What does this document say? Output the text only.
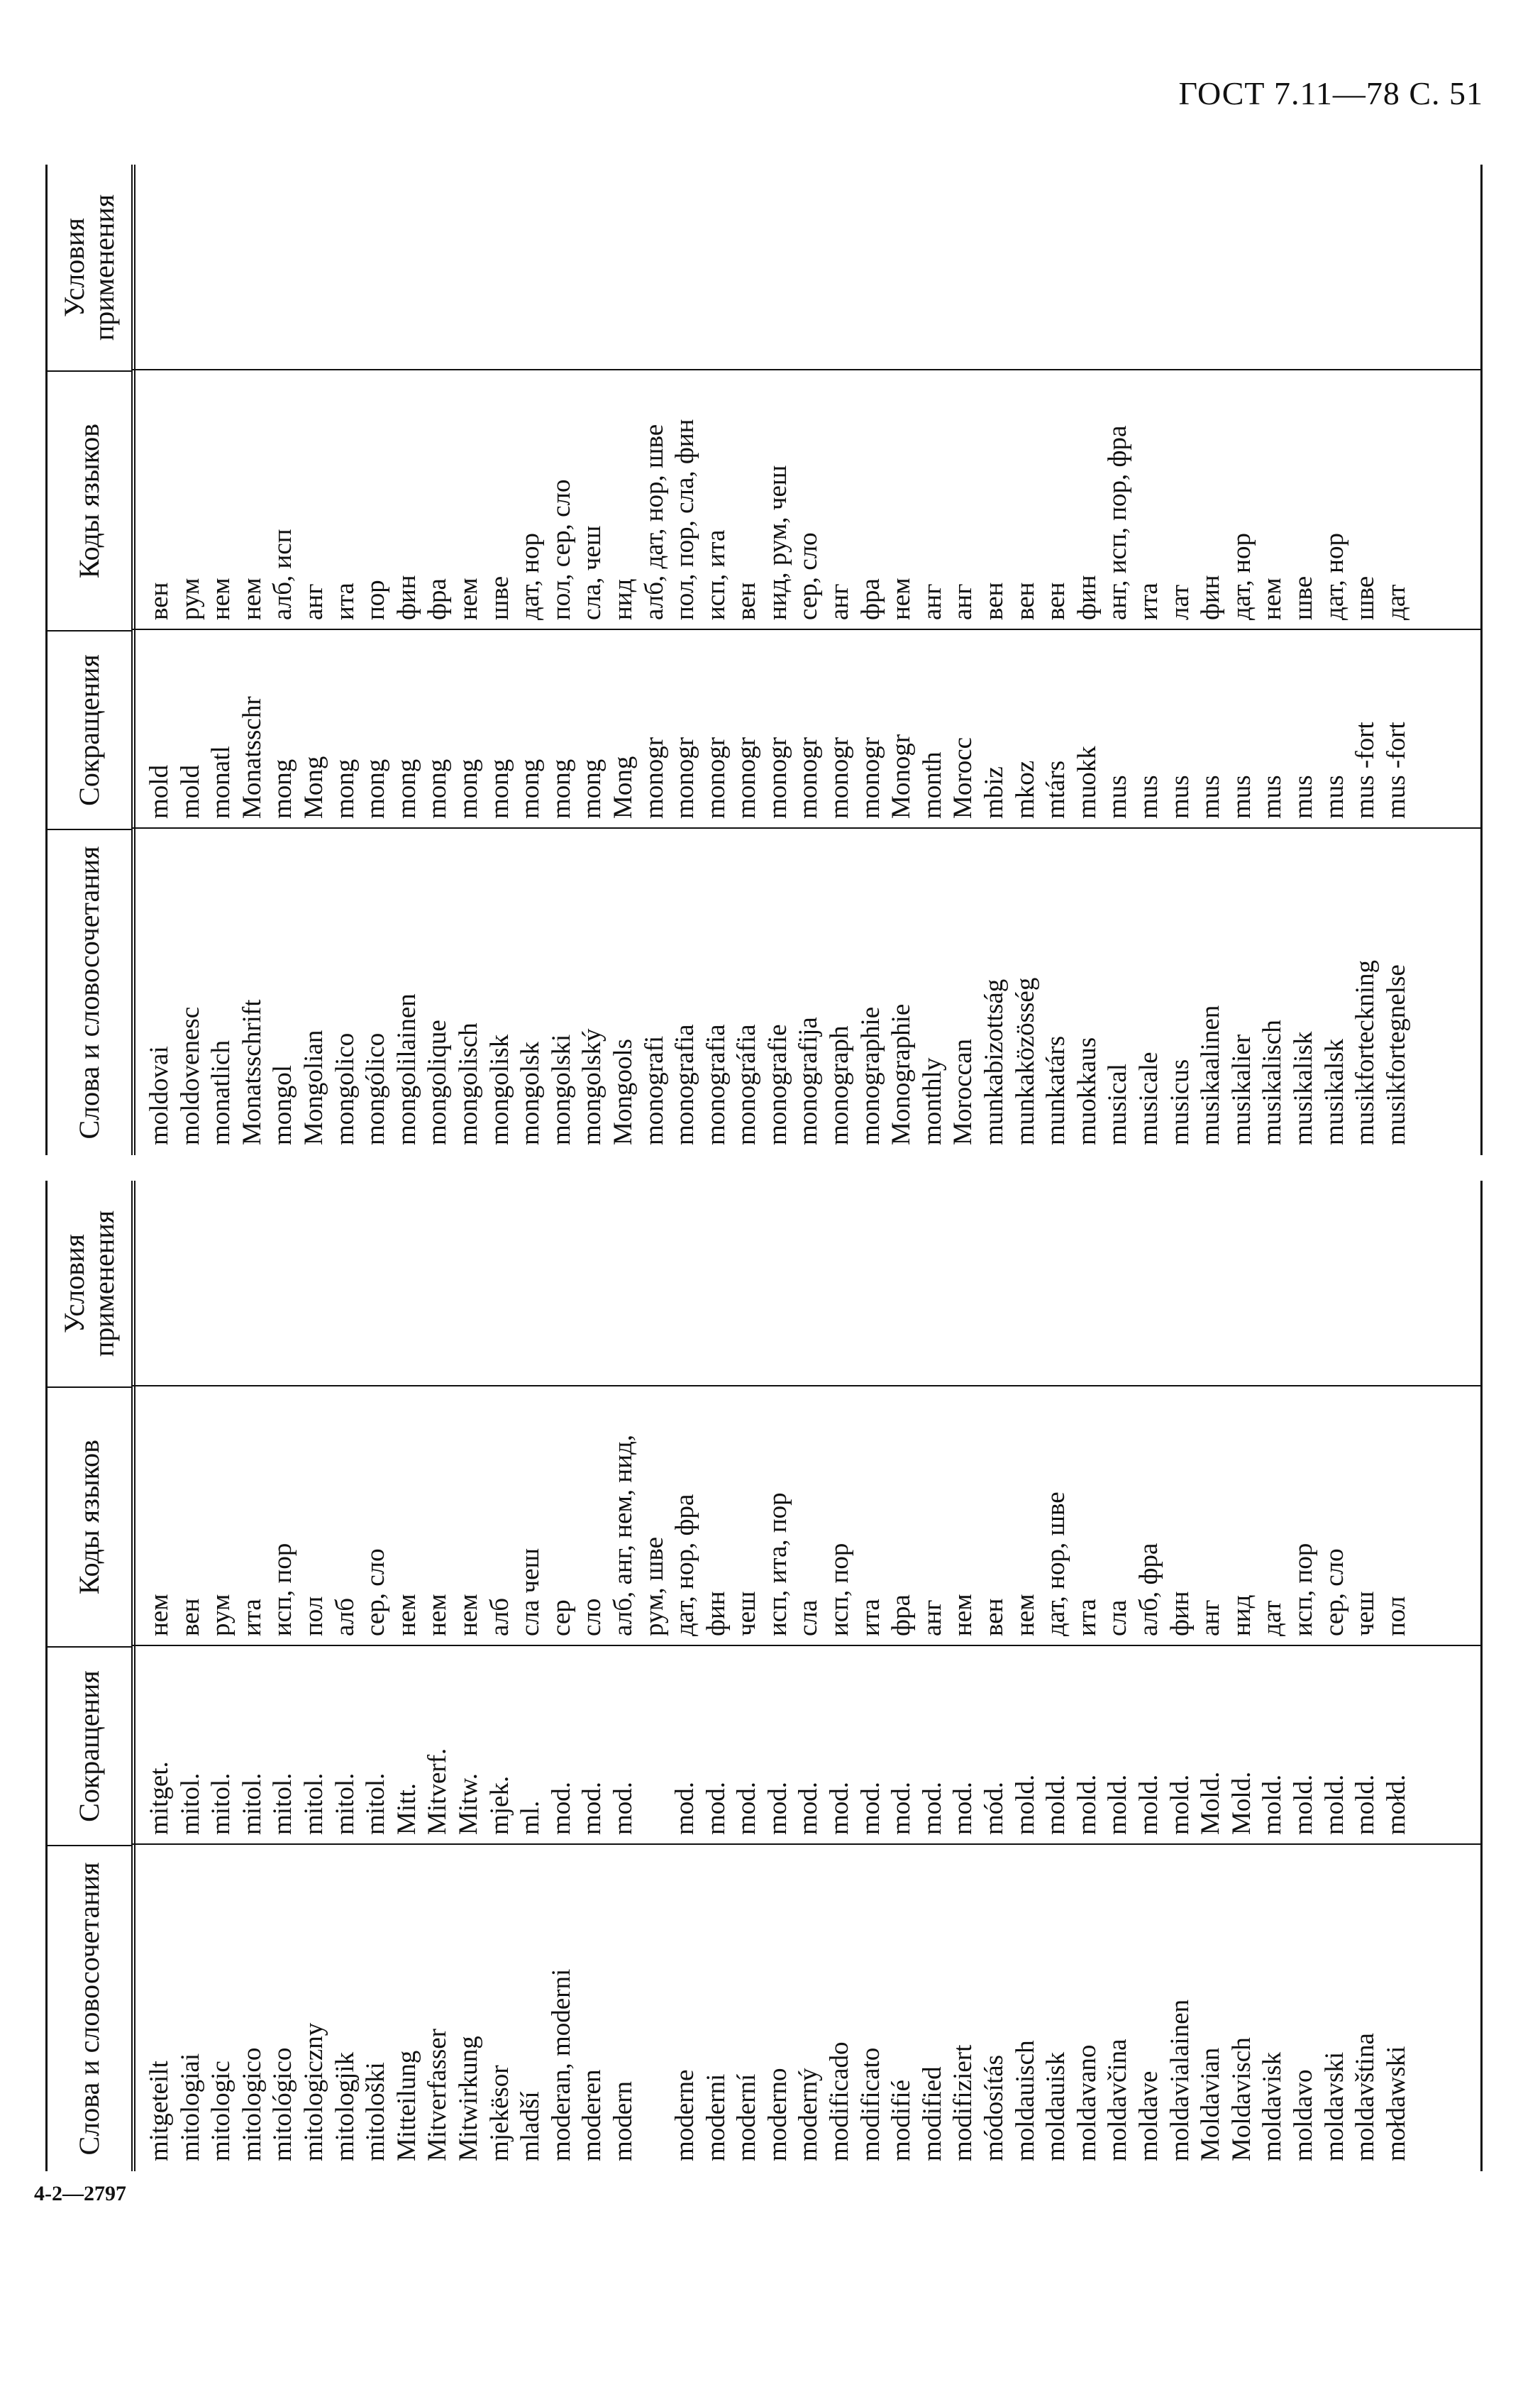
ГОСТ 7.11—78 С. 51
Слова и словосочетания
Сокращения
Коды языков
Условия применения
mitgeteilt
mitget.
нем
mitologiai
mitol.
вен
mitologic
mitol.
рум
mitologico
mitol.
ита
mitológico
mitol.
исп, пор
mitologiczny
mitol.
пол
mitologjik
mitol.
алб
mitološki
mitol.
сер, сло
Mitteilung
Mitt.
нем
Mitverfasser
Mitverf.
нем
Mitwirkung
Mitw.
нем
mjekësor
mjek.
алб
mladší
ml.
сла чеш
moderan, moderni
mod.
сер
moderen
mod.
сло
modern
mod.
алб, анг, нем, нид, рум, шве
moderne
mod.
дат, нор, фра
moderni
mod.
фин
moderní
mod.
чеш
moderno
mod.
исп, ита, пор
moderný
mod.
сла
modificado
mod.
исп, пор
modificato
mod.
ита
modifié
mod.
фра
modified
mod.
анг
modifiziert
mod.
нем
módosítás
mód.
вен
moldauisch
mold.
нем
moldauisk
mold.
дат, нор, шве
moldavano
mold.
ита
moldavčina
mold.
сла
moldave
mold.
алб, фра
moldavialainen
mold.
фин
Moldavian
Mold.
анг
Moldavisch
Mold.
нид
moldavisk
mold.
дат
moldavo
mold.
исп, пор
moldavski
mold.
сер, сло
moldavština
mold.
чеш
mołdawski
mołd.
пол
Слова и словосочетания
Сокращения
Коды языков
Условия применения
moldovai
mold
вен
moldovenesc
mold
рум
monatlich
monatl
нем
Monatsschrift
Monatsschr
нем
mongol
mong
алб, исп
Mongolian
Mong
анг
mongolico
mong
ита
mongólico
mong
пор
mongolilainen
mong
фин
mongolique
mong
фра
mongolisch
mong
нем
mongolisk
mong
шве
mongolsk
mong
дат, нор
mongolski
mong
пол, сер, сло
mongolský
mong
сла, чеш
Mongools
Mong
нид
monografi
monogr
алб, дат, нор, шве
monografia
monogr
пол, пор, сла, фин
monografia
monogr
исп, ита
monográfia
monogr
вен
monografie
monogr
нид, рум, чеш
monografija
monogr
сер, сло
monograph
monogr
анг
monographie
monogr
фра
Monographie
Monogr
нем
monthly
month
анг
Moroccan
Morocc
анг
munkabizottság
mbiz
вен
munkaközösség
mkoz
вен
munkatárs
mtárs
вен
muokkaus
muokk
фин
musical
mus
анг, исп, пор, фра
musicale
mus
ита
musicus
mus
лат
musikaalinen
mus
фин
musikalier
mus
дат, нор
musikalisch
mus
нем
musikalisk
mus
шве
musikalsk
mus
дат, нор
musikforteckning
mus -fort
шве
musikfortegnelse
mus -fort
дат
4-2—2797
